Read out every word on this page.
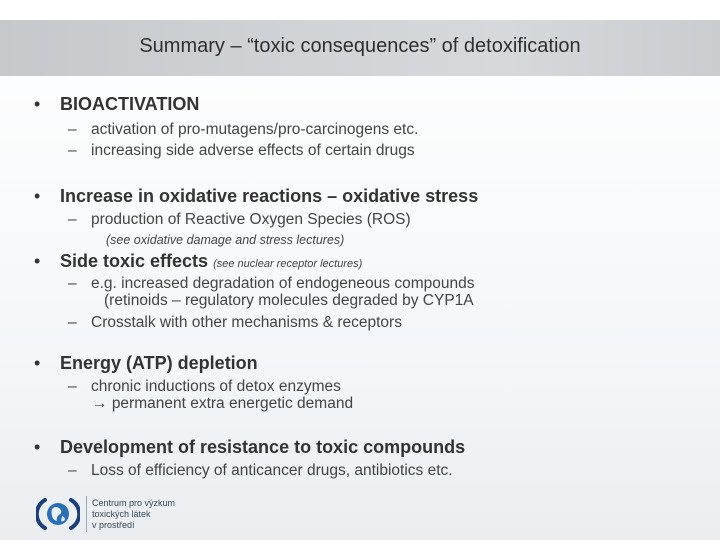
Summary – “toxic consequences” of detoxification
• BIOACTIVATION
– activation of pro-mutagens/pro-carcinogens etc.
– increasing side adverse effects of certain drugs
• Increase in oxidative reactions – oxidative stress
– production of Reactive Oxygen Species (ROS)
(see oxidative damage and stress lectures)
• Side toxic effects (see nuclear receptor lectures)
– e.g. increased degradation of endogeneous compounds
(retinoids – regulatory molecules degraded by CYP1A
– Crosstalk with other mechanisms & receptors
• Energy (ATP) depletion
– chronic inductions of detox enzymes
→ permanent extra energetic demand
• Development of resistance to toxic compounds
– Loss of efficiency of anticancer drugs, antibiotics etc.
Centrum pro výzkum
toxických látek
v prostředí
